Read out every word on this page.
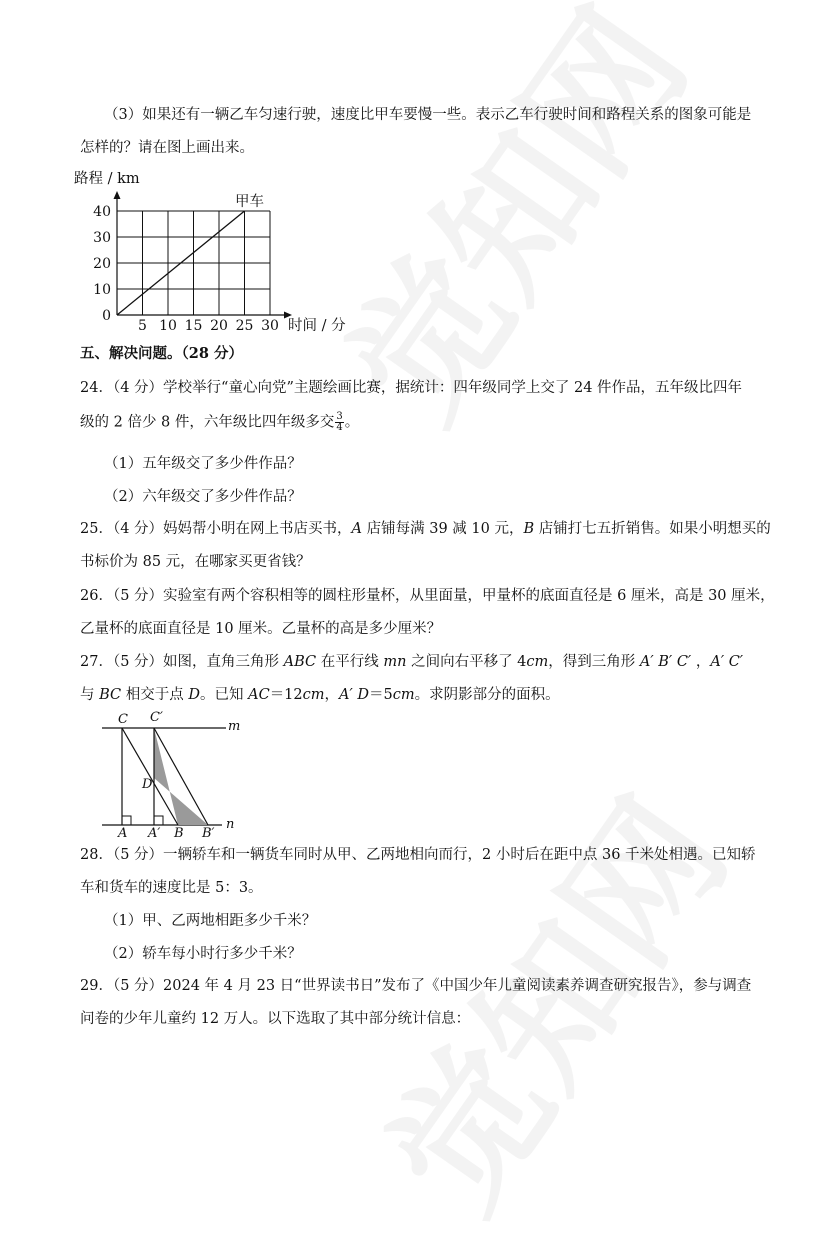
（3）如果还有一辆乙车匀速行驶，速度比甲车要慢一些。表示乙车行驶时间和路程关系的图象可能是
怎样的？请在图上画出来。
路程 / km
5 10 15 20 25 30
0
10
20
30
40
甲车
时间 / 分
五、解决问题。（28 分）
24．（4 分）学校举行“童心向党”主题绘画比赛，据统计：四年级同学上交了 24 件作品，五年级比四年
级的 2 倍少 8 件，六年级比四年级多交 $\frac{3}{4}$ 。
（1）五年级交了多少件作品？
（2）六年级交了多少件作品？
25．（4 分）妈妈帮小明在网上书店买书，A 店铺每满 39 减 10 元，B 店铺打七五折销售。如果小明想买的
书标价为 85 元，在哪家买更省钱？
26．（5 分）实验室有两个容积相等的圆柱形量杯，从里面量，甲量杯的底面直径是 6 厘米，高是 30 厘米，
乙量杯的底面直径是 10 厘米。乙量杯的高是多少厘米？
27．（5 分）如图，直角三角形 ABC 在平行线 mn 之间向右平移了 4cm，得到三角形 A′ B′ C′ ，A′ C′
与 BC 相交于点 D。已知 AC＝12cm，A′ D＝5cm。求阴影部分的面积。
C C′
m
D
A A′ B B′
n
28．（5 分）一辆轿车和一辆货车同时从甲、乙两地相向而行，2 小时后在距中点 36 千米处相遇。已知轿
车和货车的速度比是 5：3。
（1）甲、乙两地相距多少千米？
（2）轿车每小时行多少千米？
29．（5 分）2024 年 4 月 23 日“世界读书日”发布了《中国少年儿童阅读素养调查研究报告》，参与调查
问卷的少年儿童约 12 万人。以下选取了其中部分统计信息：
